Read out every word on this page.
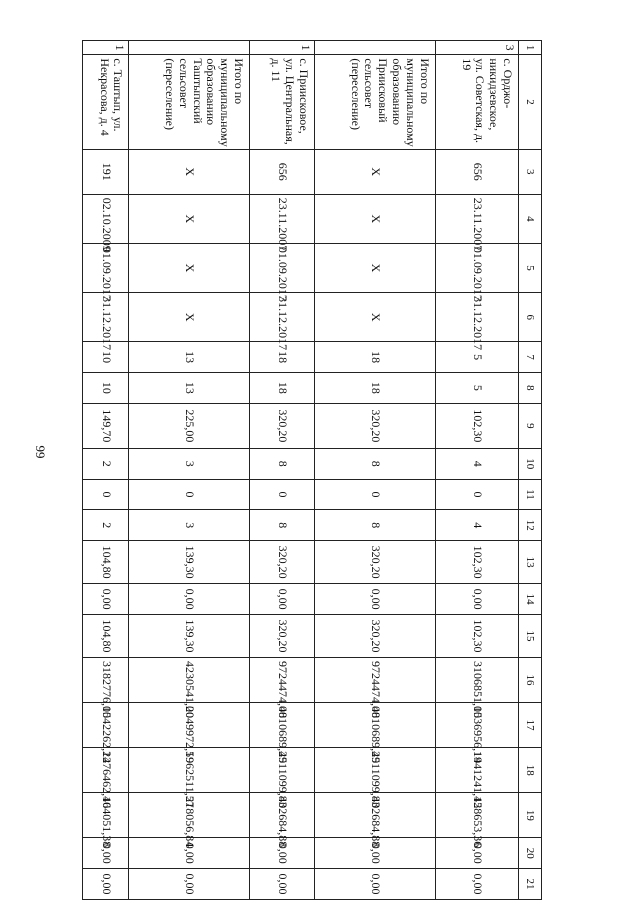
99
1	2	3	4	5	6	7	8	9	10	11	12	13	14	15	16	17	18	19	20	21
3	с. Орджо-никидзевское, ул. Советская, д. 19	656	23.11.2007	01.09.2017	31.12.2017	5	5	102,30	4	0	4	102,30	0,00	102,30	3106851,00	1536956,19	1441241,45	128653,36	0,00	0,00
	Итого по муниципальному образованию Приисковый сельсовет (переселение)	X	X	X	X	18	18	320,20	8	0	8	320,20	0,00	320,20	9724474,00	4810689,29	4511099,83	402684,88	0,00	0,00
1	с. Приисковое, ул. Центральная, д. 11	656	23.11.2007	01.09.2017	31.12.2017	18	18	320,20	8	0	8	320,20	0,00	320,20	9724474,00	4810689,29	4511099,83	402684,88	0,00	0,00
	Итого по муниципальному образованию Таштыпский сельсовет (переселение)	X	X	X	X	13	13	225,00	3	0	3	139,30	0,00	139,30	4230541,00	2049972,59	1962511,57	218056,84	0,00	0,00
1	с. Таштып, ул. Некрасова, д. 4	191	02.10.2009	01.09.2017	31.12.2017	10	10	149,70	2	0	2	104,80	0,00	104,80	3182776,00	1542262,22	1476462,40	164051,38	0,00	0,00
